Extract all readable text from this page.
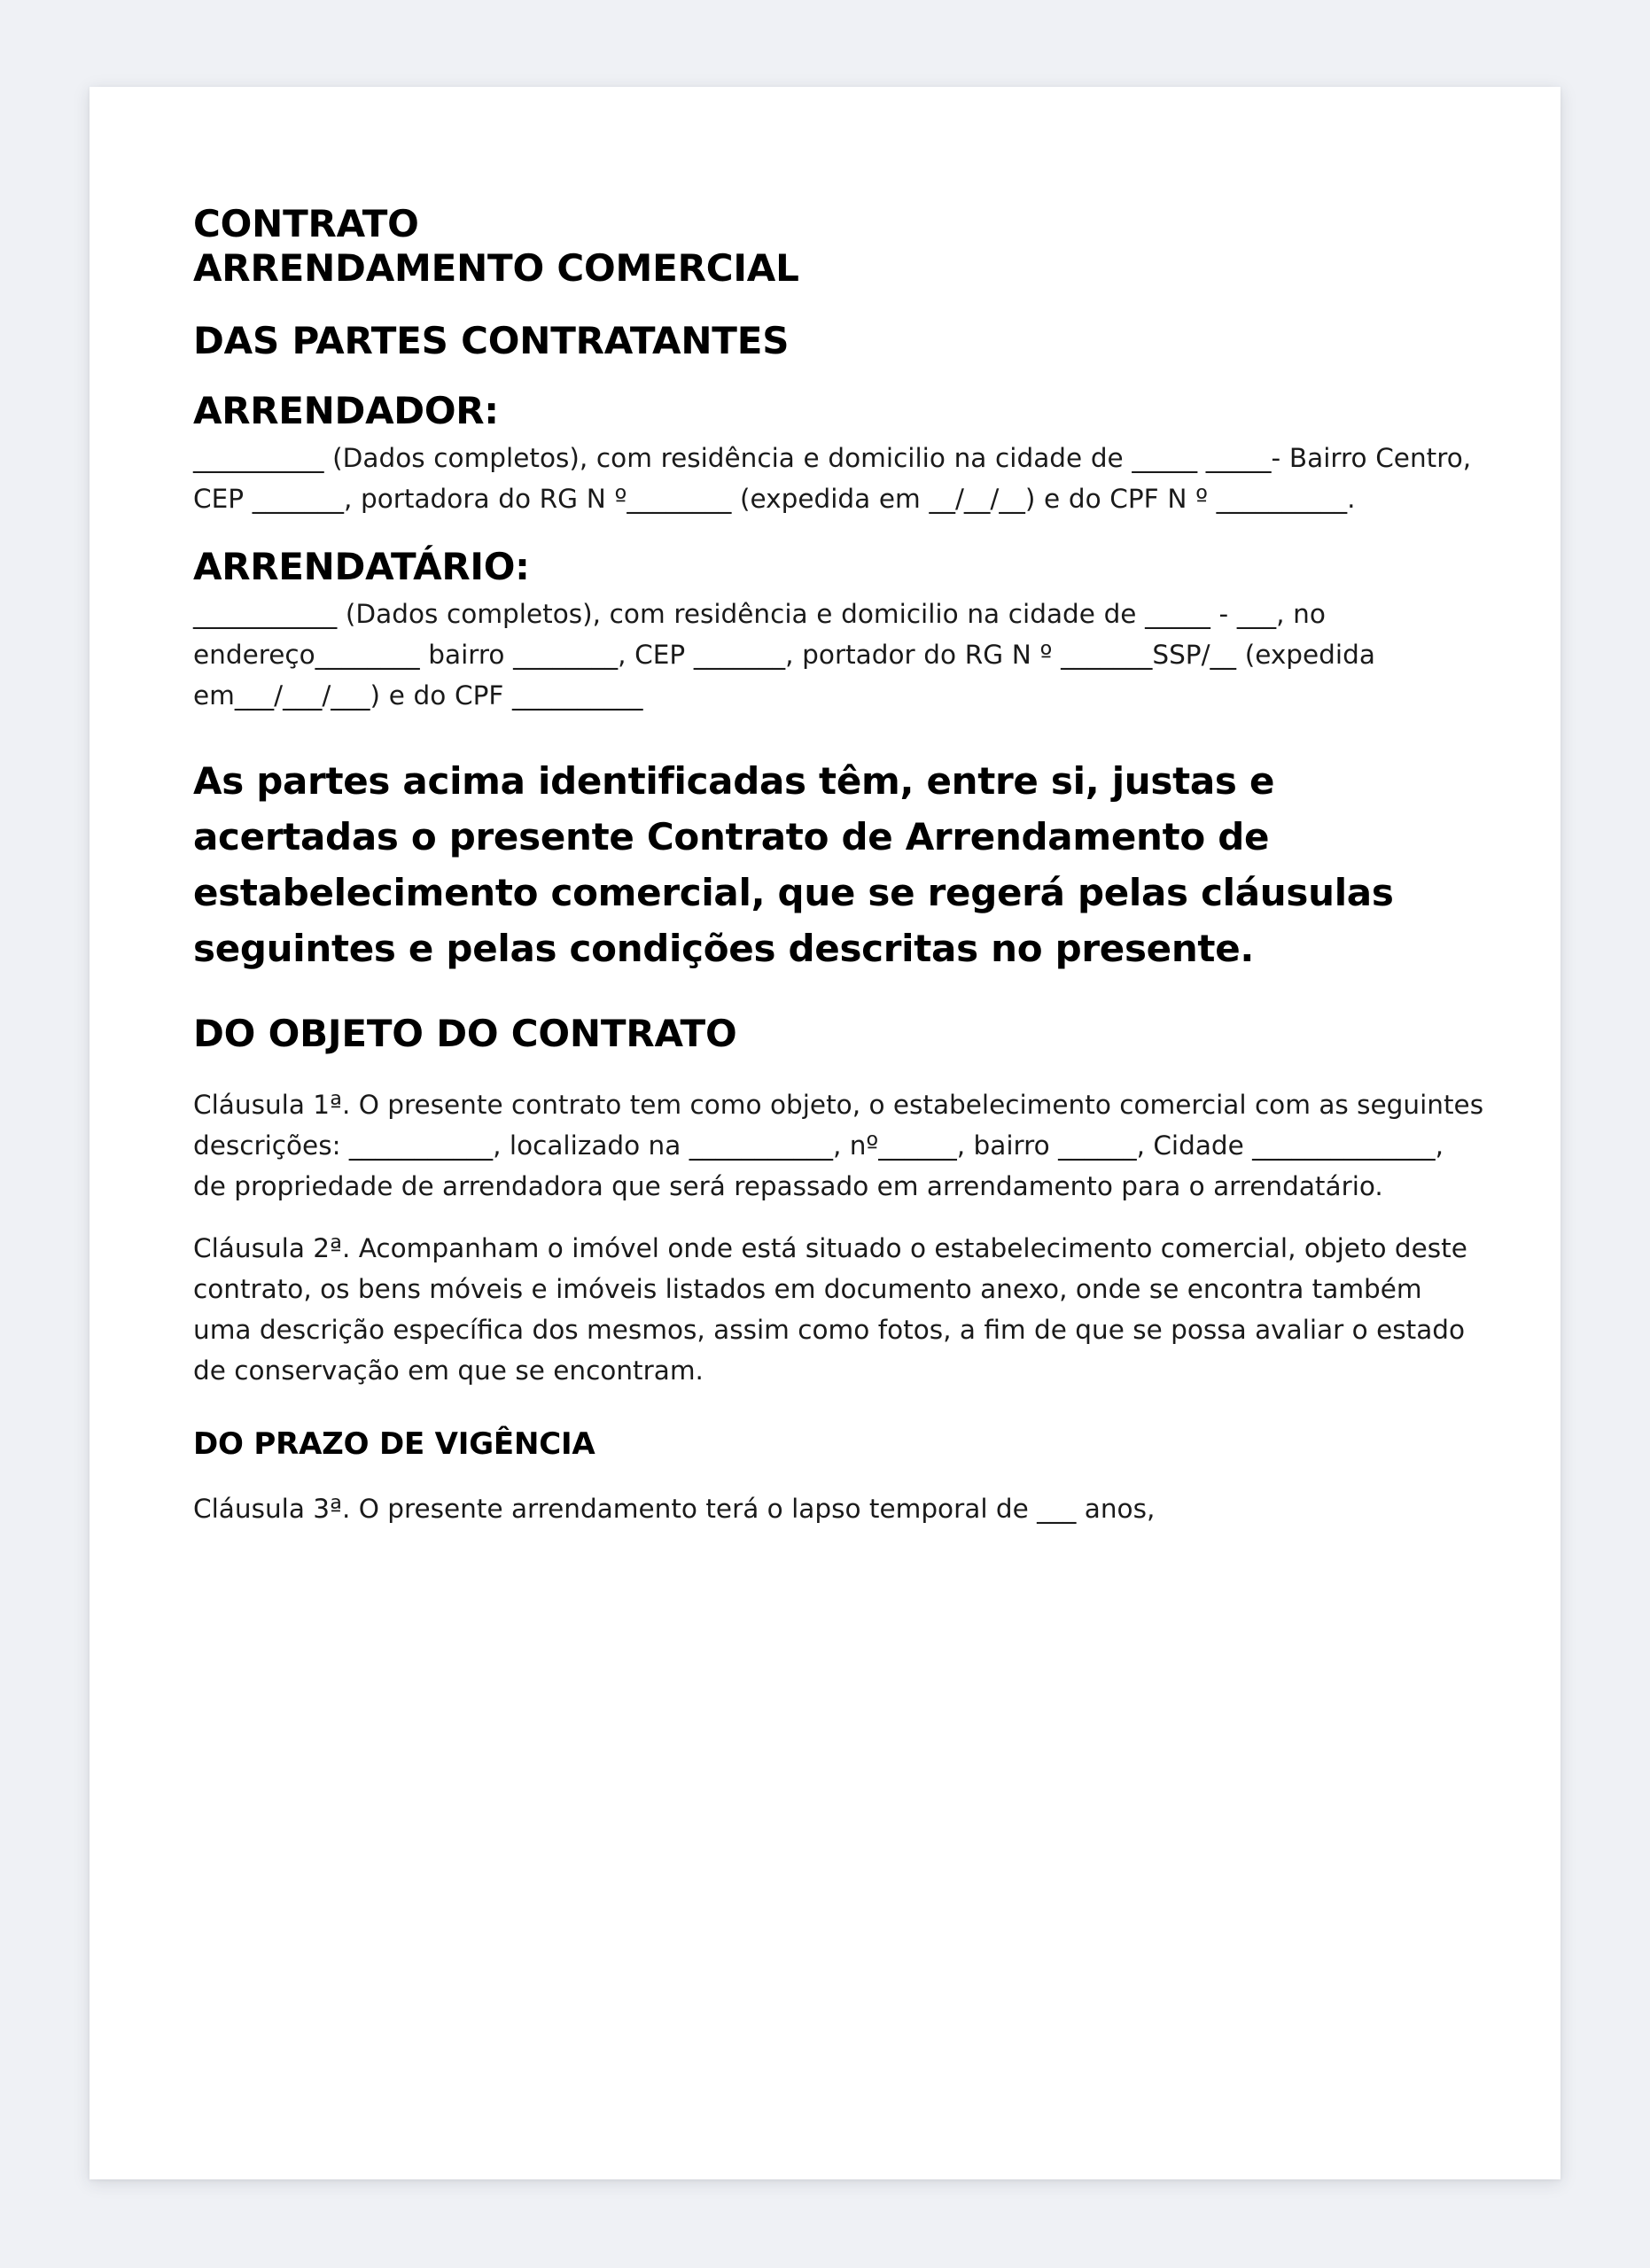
CONTRATO
ARRENDAMENTO COMERCIAL
DAS PARTES CONTRATANTES
ARRENDADOR:

__________ (Dados completos), com residência e domicilio na cidade de _____ _____- Bairro Centro, CEP _______, portadora do RG N º________ (expedida em __/__/__) e do CPF N º __________.

ARRENDATÁRIO:

___________ (Dados completos), com residência e domicilio na cidade de _____ - ___, no endereço________ bairro ________, CEP _______, portador do RG N º _______SSP/__ (expedida em___/___/___) e do CPF __________

As partes acima identificadas têm, entre si, justas e acertadas o presente Contrato de Arrendamento de estabelecimento comercial, que se regerá pelas cláusulas seguintes e pelas condições descritas no presente.

DO OBJETO DO CONTRATO

Cláusula 1ª. O presente contrato tem como objeto, o estabelecimento comercial com as seguintes descrições: ___________, localizado na ___________, nº______, bairro ______, Cidade ______________, de propriedade de arrendadora que será repassado em arrendamento para o arrendatário.

Cláusula 2ª. Acompanham o imóvel onde está situado o estabelecimento comercial, objeto deste contrato, os bens móveis e imóveis listados em documento anexo, onde se encontra também uma descrição específica dos mesmos, assim como fotos, a fim de que se possa avaliar o estado de conservação em que se encontram.

DO PRAZO DE VIGÊNCIA

Cláusula 3ª. O presente arrendamento terá o lapso temporal de ___ anos,
